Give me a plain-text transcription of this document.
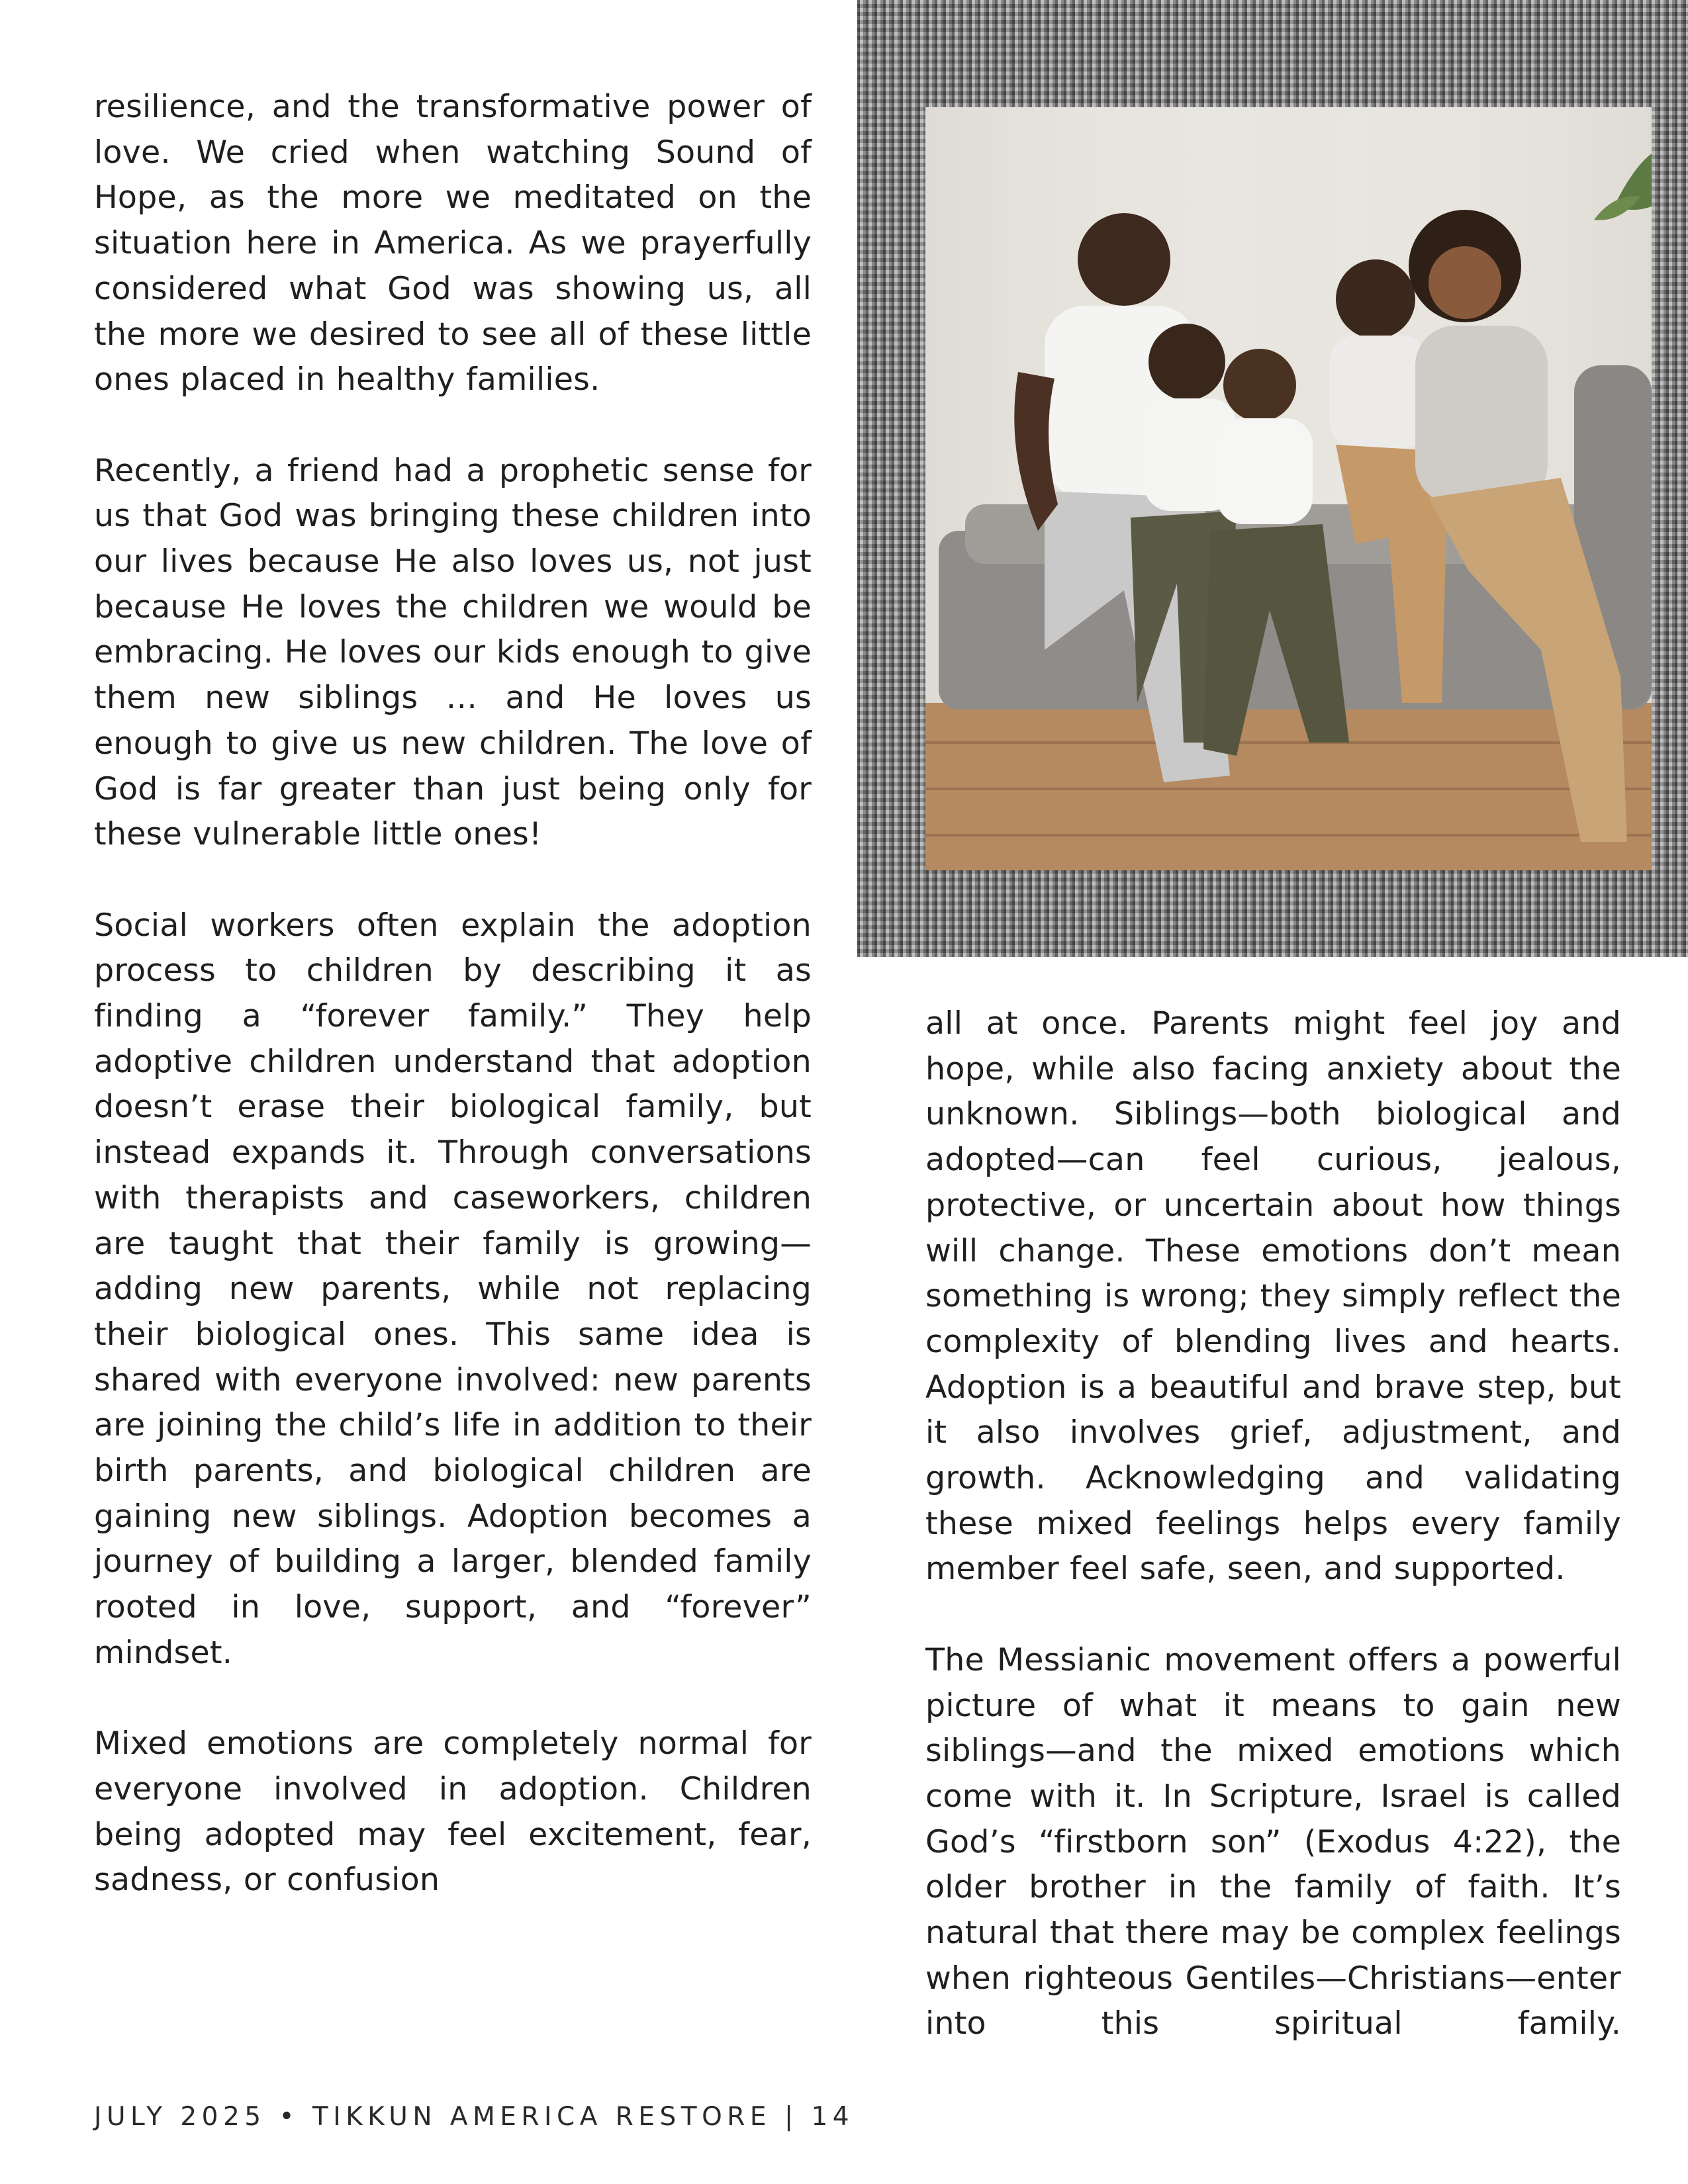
resilience, and the transformative power of love. We cried when watching Sound of Hope, as the more we meditated on the situation here in America. As we prayerfully considered what God was showing us, all the more we desired to see all of these little ones placed in healthy families.

Recently, a friend had a prophetic sense for us that God was bringing these children into our lives because He also loves us, not just because He loves the children we would be embracing. He loves our kids enough to give them new siblings … and He loves us enough to give us new children. The love of God is far greater than just being only for these vulnerable little ones!

Social workers often explain the adoption process to children by describing it as finding a “forever family.” They help adoptive children understand that adoption doesn’t erase their biological family, but instead expands it. Through conversations with therapists and caseworkers, children are taught that their family is growing—adding new parents, while not replacing their biological ones. This same idea is shared with everyone involved: new parents are joining the child’s life in addition to their birth parents, and biological children are gaining new siblings. Adoption becomes a journey of building a larger, blended family rooted in love, support, and “forever” mindset.

Mixed emotions are completely normal for everyone involved in adoption. Children being adopted may feel excitement, fear, sadness, or confusion

all at once. Parents might feel joy and hope, while also facing anxiety about the unknown. Siblings—both biological and adopted—can feel curious, jealous, protective, or uncertain about how things will change. These emotions don’t mean something is wrong; they simply reflect the complexity of blending lives and hearts. Adoption is a beautiful and brave step, but it also involves grief, adjustment, and growth. Acknowledging and validating these mixed feelings helps every family member feel safe, seen, and supported.

The Messianic movement offers a powerful picture of what it means to gain new siblings—and the mixed emotions which come with it. In Scripture, Israel is called God’s “firstborn son” (Exodus 4:22), the older brother in the family of faith. It’s natural that there may be complex feelings when righteous Gentiles—Christians—enter into this spiritual family.

JULY 2025 • TIKKUN AMERICA RESTORE | 14
